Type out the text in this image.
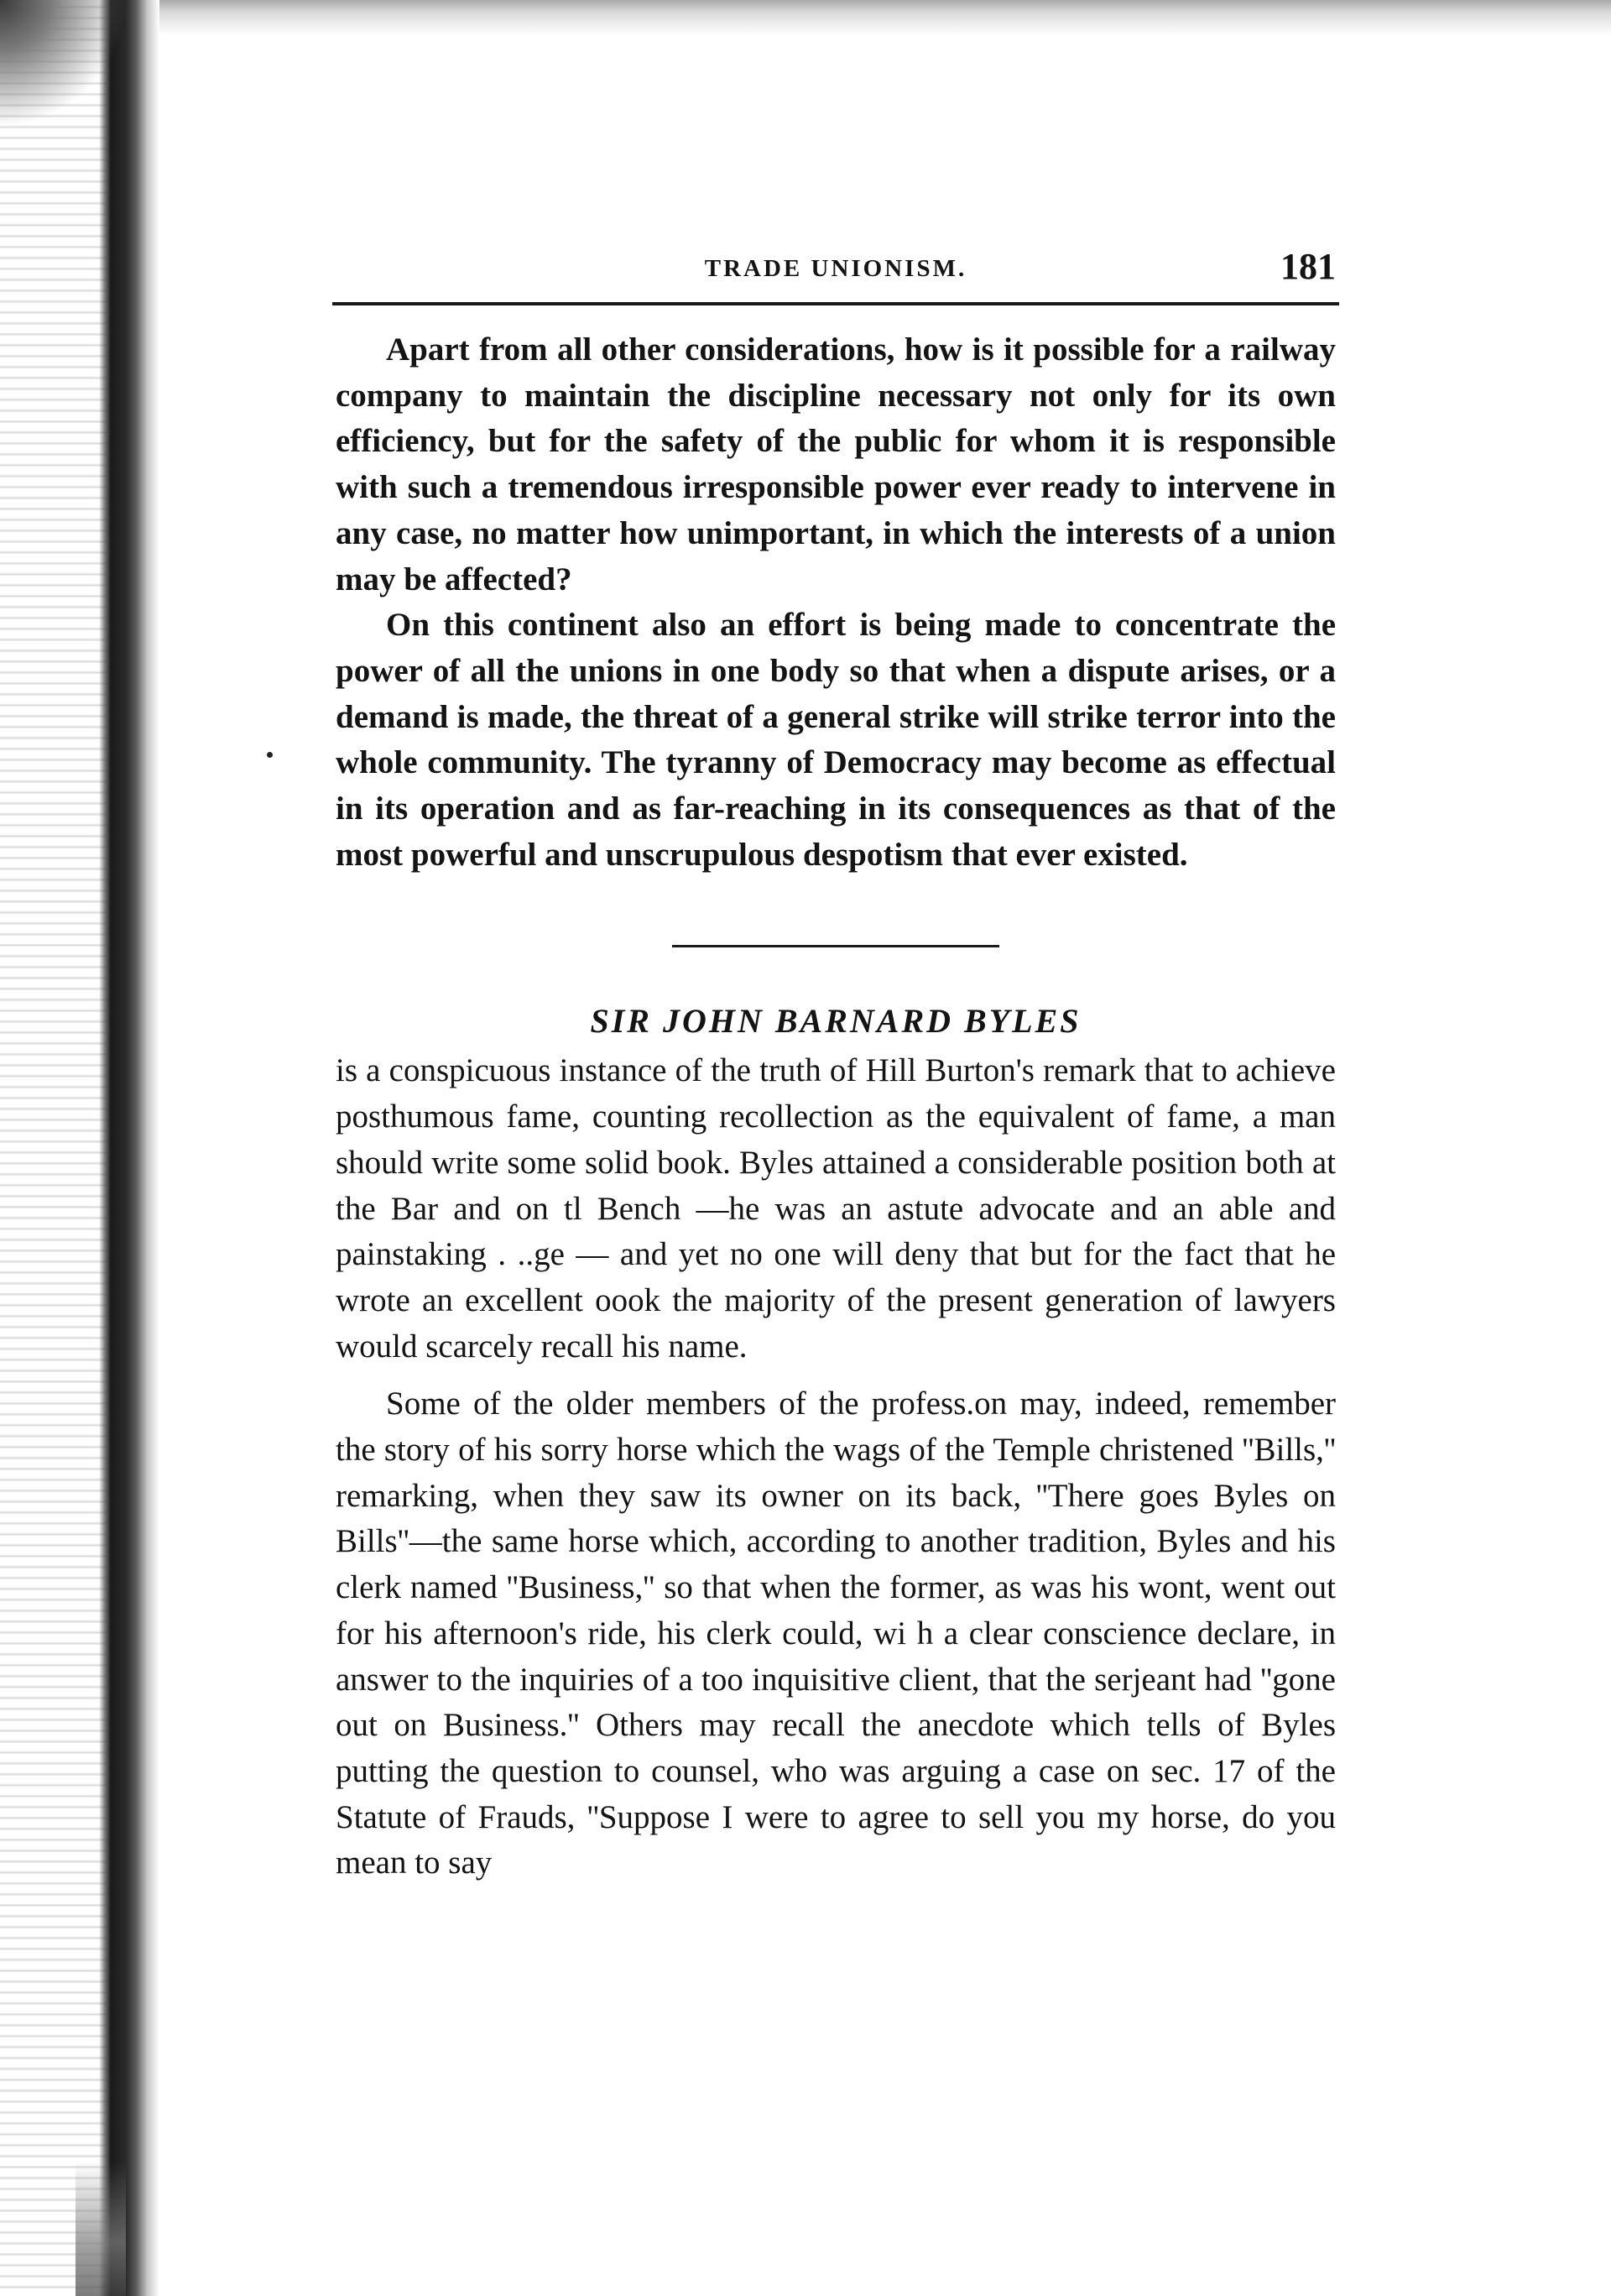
TRADE UNIONISM.	181

Apart from all other considerations, how is it possible for a railway company to maintain the discipline necessary not only for its own efficiency, but for the safety of the public for whom it is responsible with such a tremendous irresponsible power ever ready to intervene in any case, no matter how unimportant, in which the interests of a union may be affected?

On this continent also an effort is being made to concentrate the power of all the unions in one body so that when a dispute arises, or a demand is made, the threat of a general strike will strike terror into the whole community. The tyranny of Democracy may become as effectual in its operation and as far-reaching in its consequences as that of the most powerful and unscrupulous despotism that ever existed.

SIR JOHN BARNARD BYLES

is a conspicuous instance of the truth of Hill Burton's remark that to achieve posthumous fame, counting recollection as the equivalent of fame, a man should write some solid book. Byles attained a considerable position both at the Bar and on tl Bench —he was an astute advocate and an able and painstaking . ..ge — and yet no one will deny that but for the fact that he wrote an excellent oook the majority of the present generation of lawyers would scarcely recall his name.

Some of the older members of the profess.on may, indeed, remember the story of his sorry horse which the wags of the Temple christened ''Bills,'' remarking, when they saw its owner on its back, ''There goes Byles on Bills''—the same horse which, according to another tradition, Byles and his clerk named ''Business,'' so that when the former, as was his wont, went out for his afternoon's ride, his clerk could, wi h a clear conscience declare, in answer to the inquiries of a too inquisitive client, that the serjeant had ''gone out on Business.'' Others may recall the anecdote which tells of Byles putting the question to counsel, who was arguing a case on sec. 17 of the Statute of Frauds, ''Suppose I were to agree to sell you my horse, do you mean to say
